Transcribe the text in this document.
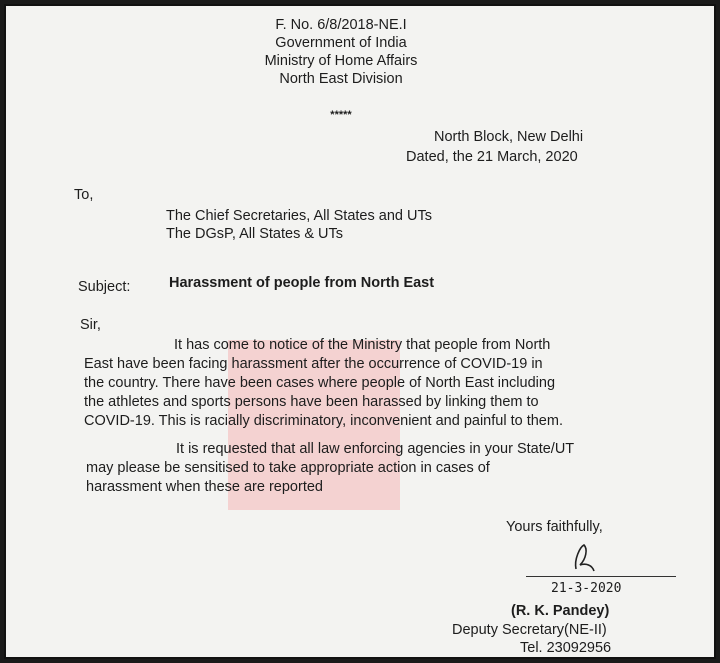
F. No. 6/8/2018-NE.I
Government of India
Ministry of Home Affairs
North East Division
*****
North Block, New Delhi
Dated, the 21 March, 2020
To,
The Chief Secretaries, All States and UTs
The DGsP, All States & UTs
Subject:	Harassment of people from North East
Sir,
It has come to notice of the Ministry that people from North
East have been facing harassment after the occurrence of COVID-19 in
the country. There have been cases where people of North East including
the athletes and sports persons have been harassed by linking them to
COVID-19. This is racially discriminatory, inconvenient and painful to them.
It is requested that all law enforcing agencies in your State/UT
may please be sensitised to take appropriate action in cases of
harassment when these are reported
Yours faithfully,
21-3-2020
(R. K. Pandey)
Deputy Secretary(NE-II)
Tel. 23092956
